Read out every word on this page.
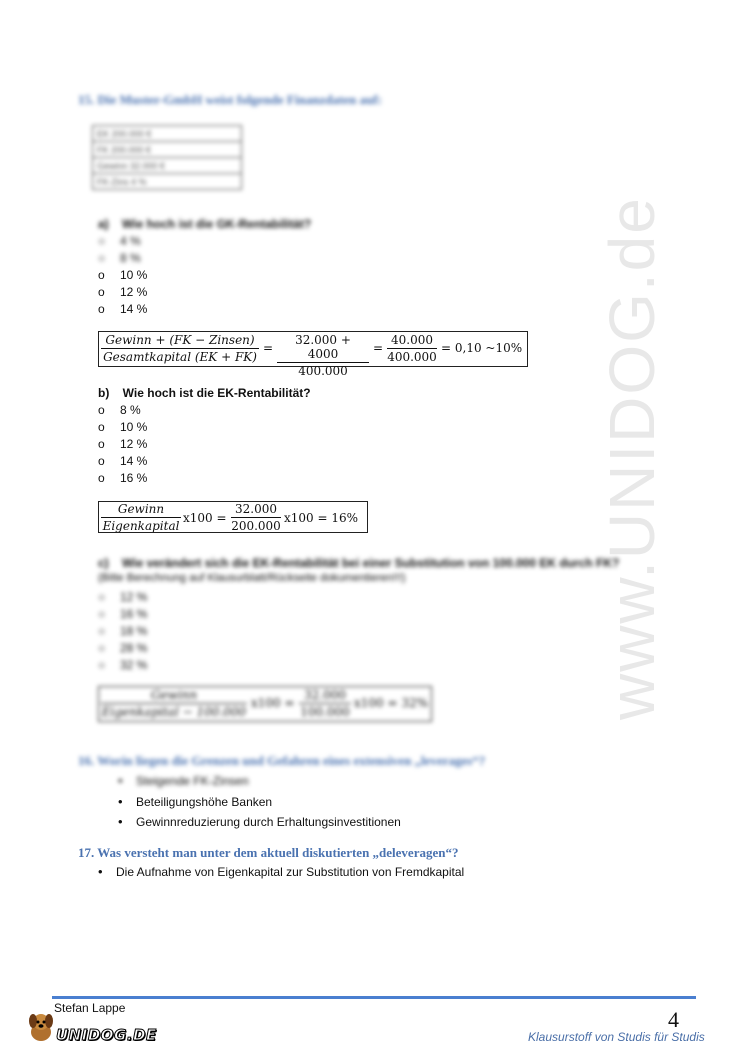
www.UNIDOG.de
15. Die Muster-GmbH weist folgende Finanzdaten auf:
EK 200.000 €
FK 200.000 €
Gewinn 32.000 €
FK-Zins 4 %
a) Wie hoch ist die GK-Rentabilität?
○ 4 %
○ 8 %
o 10 %
o 12 %
o 14 %
Gewinn + (FK − Zinsen)
Gesamtkapital (EK + FK)
= $\frac{32.000 + 4000}{400.000} = \frac{40.000}{400.000} = 0,10$ ~10%
b) Wie hoch ist die EK-Rentabilität?
o 8 %
o 10 %
o 12 %
o 14 %
o 16 %
Gewinn
Eigenkapital
$x100 = \frac{32.000}{200.000} x100 = 16\%$
c) Wie verändert sich die EK-Rentabilität bei einer Substitution von 100.000 EK durch FK?
(Bitte Berechnung auf Klausurblatt/Rückseite dokumentieren!!!)
○ 12 %
○ 16 %
○ 18 %
○ 28 %
○ 32 %
Gewinn
Eigenkapital − 100.000
$x100 = \frac{32.000}{100.000} x100 = 32\%$
16. Worin liegen die Grenzen und Gefahren eines extensiven „leverages“?
• Steigende FK-Zinsen
• Beteiligungshöhe Banken
• Gewinnreduzierung durch Erhaltungsinvestitionen
17. Was versteht man unter dem aktuell diskutierten „deleveragen“?
• Die Aufnahme von Eigenkapital zur Substitution von Fremdkapital
Stefan Lappe
UNIDOG.DE
4
Klausurstoff von Studis für Studis
